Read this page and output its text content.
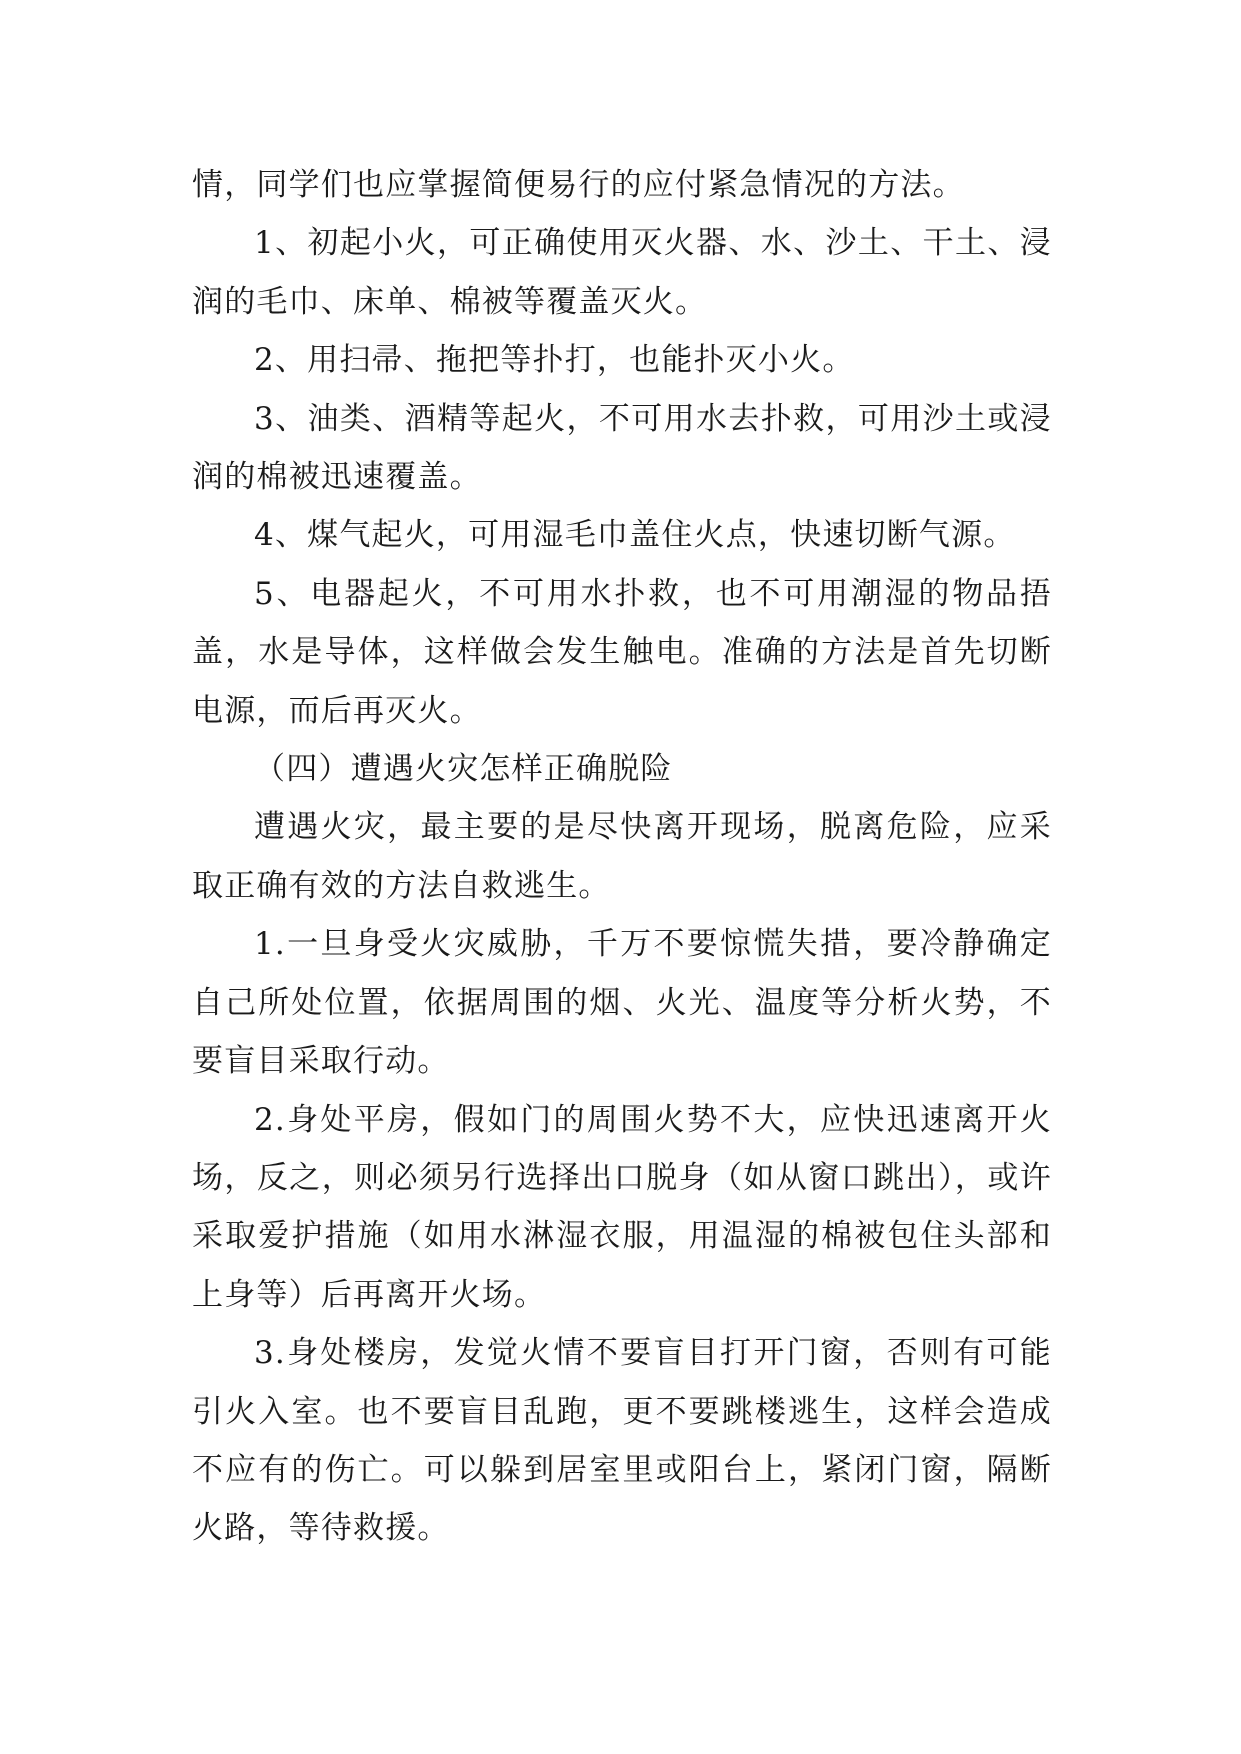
情，同学们也应掌握简便易行的应付紧急情况的方法。

1、初起小火，可正确使用灭火器、水、沙土、干土、浸润的毛巾、床单、棉被等覆盖灭火。

2、用扫帚、拖把等扑打，也能扑灭小火。

3、油类、酒精等起火，不可用水去扑救，可用沙土或浸润的棉被迅速覆盖。

4、煤气起火，可用湿毛巾盖住火点，快速切断气源。

5、电器起火，不可用水扑救，也不可用潮湿的物品捂盖，水是导体，这样做会发生触电。准确的方法是首先切断电源，而后再灭火。

（四）遭遇火灾怎样正确脱险

遭遇火灾，最主要的是尽快离开现场，脱离危险，应采取正确有效的方法自救逃生。

1.一旦身受火灾威胁，千万不要惊慌失措，要冷静确定自己所处位置，依据周围的烟、火光、温度等分析火势，不要盲目采取行动。

2.身处平房，假如门的周围火势不大，应快迅速离开火场，反之，则必须另行选择出口脱身（如从窗口跳出），或许采取爱护措施（如用水淋湿衣服，用温湿的棉被包住头部和上身等）后再离开火场。

3.身处楼房，发觉火情不要盲目打开门窗，否则有可能引火入室。也不要盲目乱跑，更不要跳楼逃生，这样会造成不应有的伤亡。可以躲到居室里或阳台上，紧闭门窗，隔断火路，等待救援。
